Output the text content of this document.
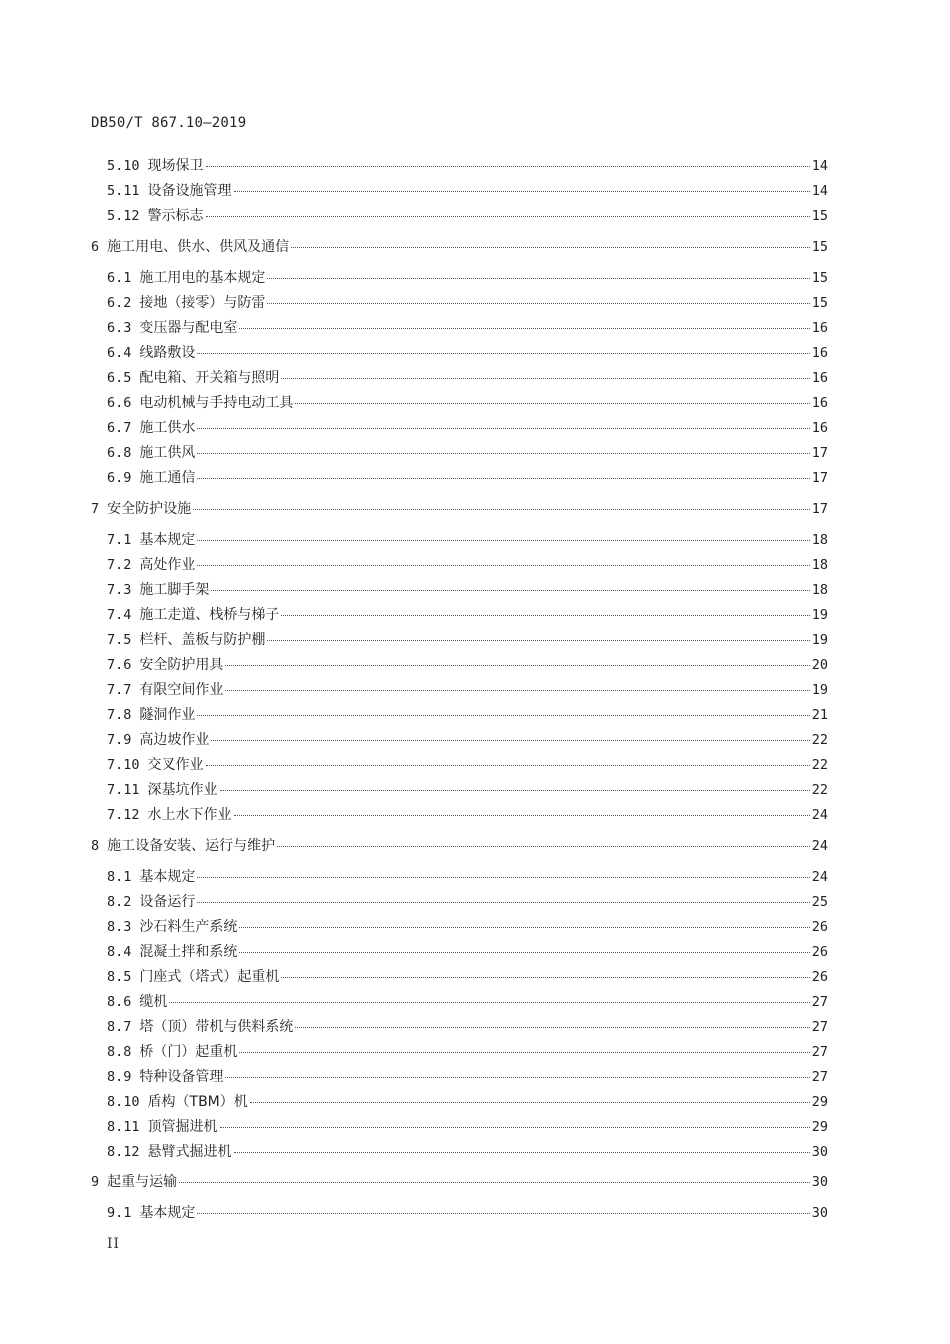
DB50/T 867.10—2019
5.10 现场保卫	14
5.11 设备设施管理	14
5.12 警示标志	15
6 施工用电、供水、供风及通信	15
6.1 施工用电的基本规定	15
6.2 接地（接零）与防雷	15
6.3 变压器与配电室	16
6.4 线路敷设	16
6.5 配电箱、开关箱与照明	16
6.6 电动机械与手持电动工具	16
6.7 施工供水	16
6.8 施工供风	17
6.9 施工通信	17
7 安全防护设施	17
7.1 基本规定	18
7.2 高处作业	18
7.3 施工脚手架	18
7.4 施工走道、栈桥与梯子	19
7.5 栏杆、盖板与防护棚	19
7.6 安全防护用具	20
7.7 有限空间作业	19
7.8 隧洞作业	21
7.9 高边坡作业	22
7.10 交叉作业	22
7.11 深基坑作业	22
7.12 水上水下作业	24
8 施工设备安装、运行与维护	24
8.1 基本规定	24
8.2 设备运行	25
8.3 沙石料生产系统	26
8.4 混凝土拌和系统	26
8.5 门座式（塔式）起重机	26
8.6 缆机	27
8.7 塔（顶）带机与供料系统	27
8.8 桥（门）起重机	27
8.9 特种设备管理	27
8.10 盾构（TBM）机	29
8.11 顶管掘进机	29
8.12 悬臂式掘进机	30
9 起重与运输	30
9.1 基本规定	30
II
